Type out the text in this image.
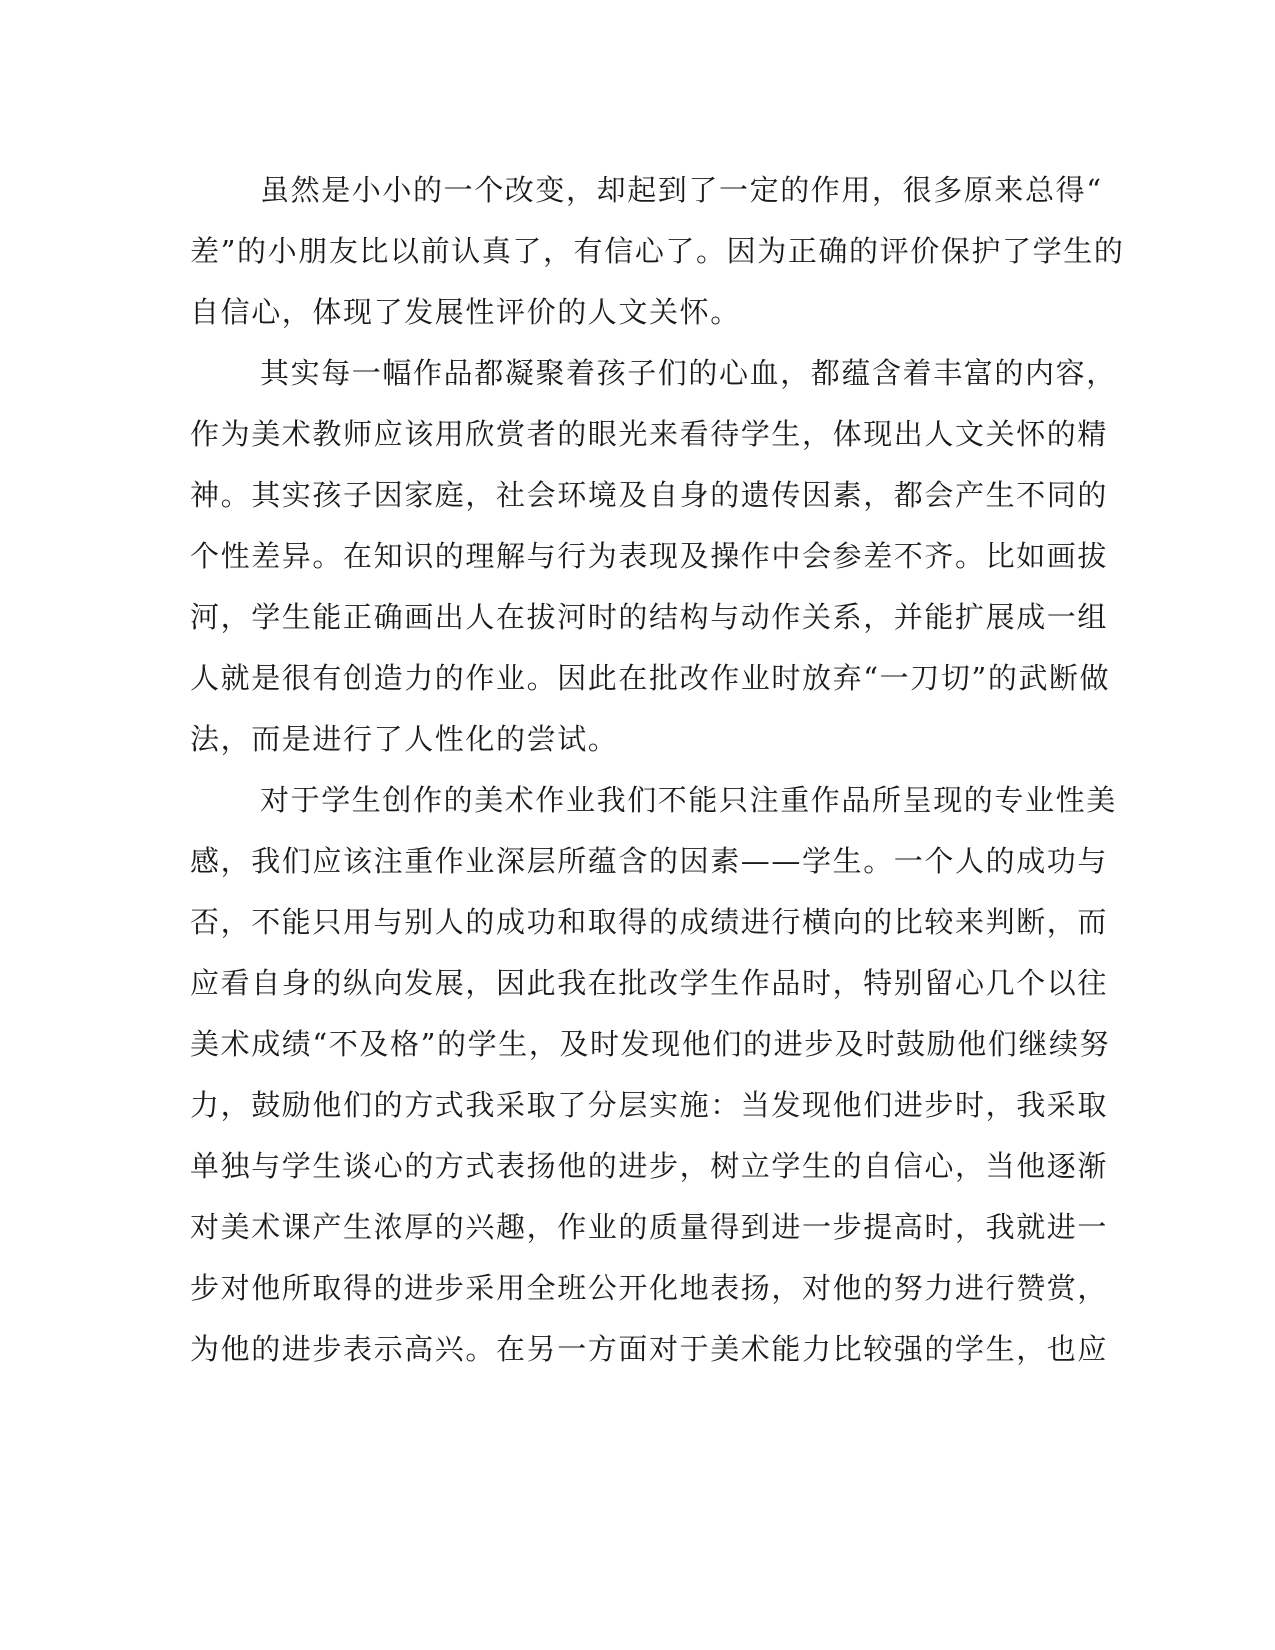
虽然是小小的一个改变，却起到了一定的作用，很多原来总得“
差”的小朋友比以前认真了，有信心了。因为正确的评价保护了学生的
自信心，体现了发展性评价的人文关怀。
其实每一幅作品都凝聚着孩子们的心血，都蕴含着丰富的内容，
作为美术教师应该用欣赏者的眼光来看待学生，体现出人文关怀的精
神。其实孩子因家庭，社会环境及自身的遗传因素，都会产生不同的
个性差异。在知识的理解与行为表现及操作中会参差不齐。比如画拔
河，学生能正确画出人在拔河时的结构与动作关系，并能扩展成一组
人就是很有创造力的作业。因此在批改作业时放弃“一刀切”的武断做
法，而是进行了人性化的尝试。
对于学生创作的美术作业我们不能只注重作品所呈现的专业性美
感，我们应该注重作业深层所蕴含的因素——学生。一个人的成功与
否，不能只用与别人的成功和取得的成绩进行横向的比较来判断，而
应看自身的纵向发展，因此我在批改学生作品时，特别留心几个以往
美术成绩“不及格”的学生，及时发现他们的进步及时鼓励他们继续努
力，鼓励他们的方式我采取了分层实施：当发现他们进步时，我采取
单独与学生谈心的方式表扬他的进步，树立学生的自信心，当他逐渐
对美术课产生浓厚的兴趣，作业的质量得到进一步提高时，我就进一
步对他所取得的进步采用全班公开化地表扬，对他的努力进行赞赏，
为他的进步表示高兴。在另一方面对于美术能力比较强的学生，也应
